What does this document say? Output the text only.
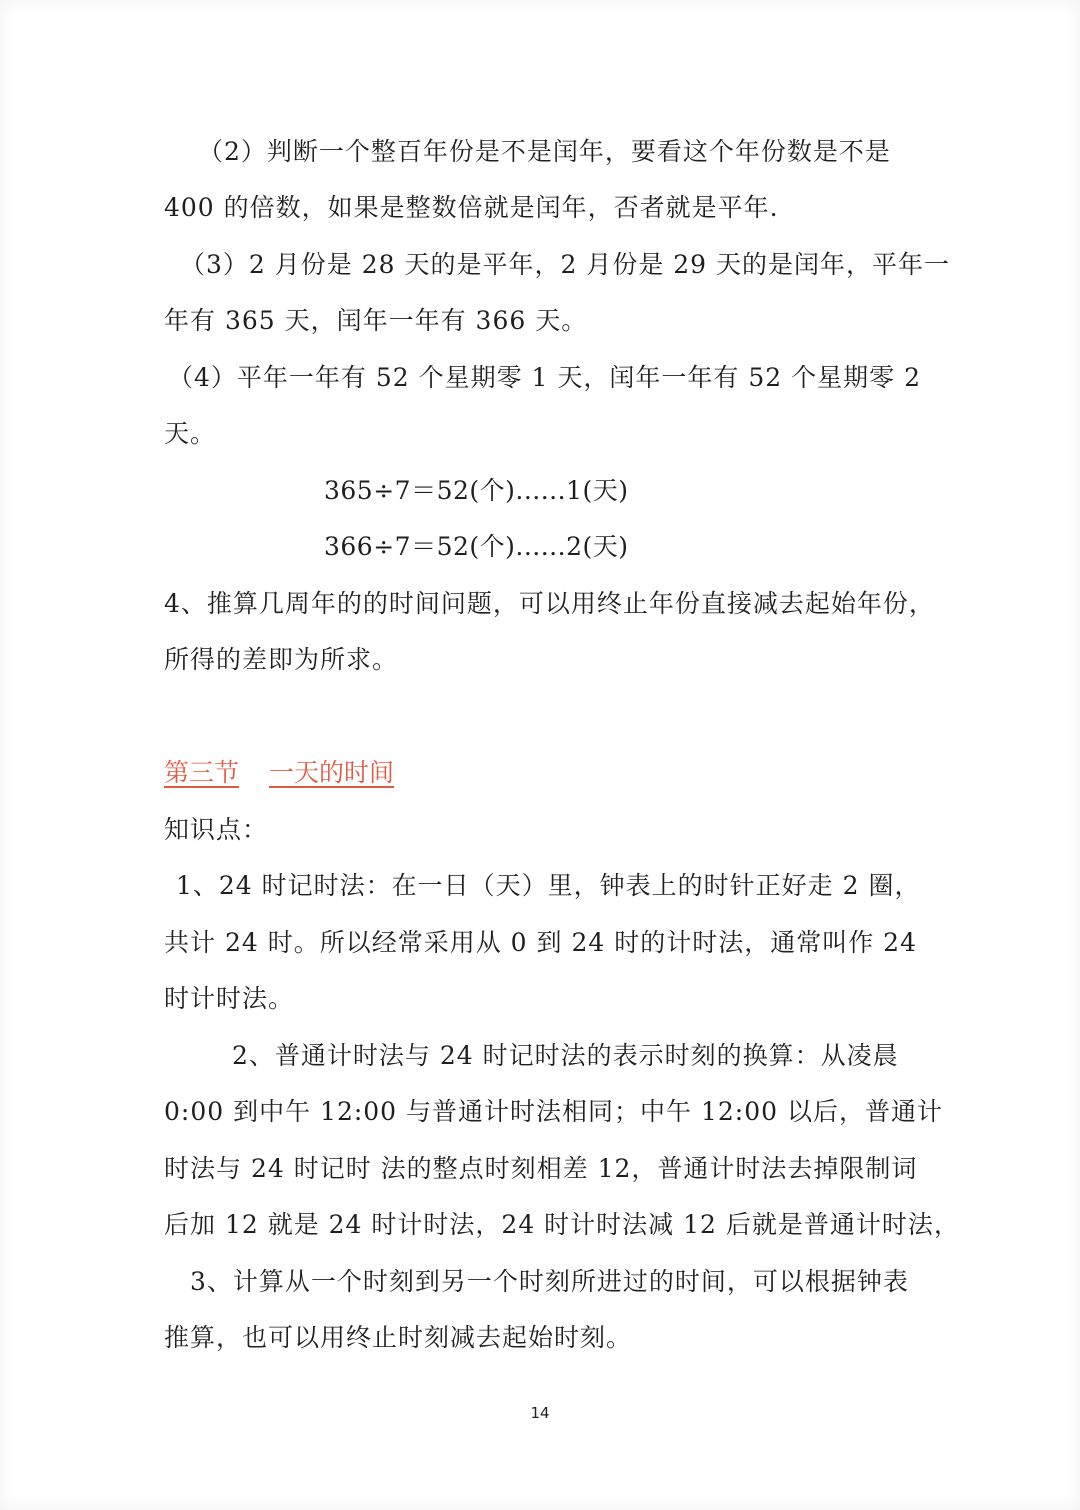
（2）判断一个整百年份是不是闰年，要看这个年份数是不是
400 的倍数，如果是整数倍就是闰年，否者就是平年.
（3）2 月份是 28 天的是平年，2 月份是 29 天的是闰年，平年一
年有 365 天，闰年一年有 366 天。
（4）平年一年有 52 个星期零 1 天，闰年一年有 52 个星期零 2
天。
365÷7＝52(个)......1(天)
366÷7＝52(个)......2(天)
4、推算几周年的的时间问题，可以用终止年份直接减去起始年份，
所得的差即为所求。
第三节 一天的时间
知识点：
1、24 时记时法：在一日（天）里，钟表上的时针正好走 2 圈，
共计 24 时。所以经常采用从 0 到 24 时的计时法，通常叫作 24
时计时法。
2、普通计时法与 24 时记时法的表示时刻的换算：从凌晨
0:00 到中午 12:00 与普通计时法相同；中午 12:00 以后，普通计
时法与 24 时记时 法的整点时刻相差 12，普通计时法去掉限制词
后加 12 就是 24 时计时法，24 时计时法减 12 后就是普通计时法，
3、计算从一个时刻到另一个时刻所进过的时间，可以根据钟表
推算，也可以用终止时刻减去起始时刻。
14
